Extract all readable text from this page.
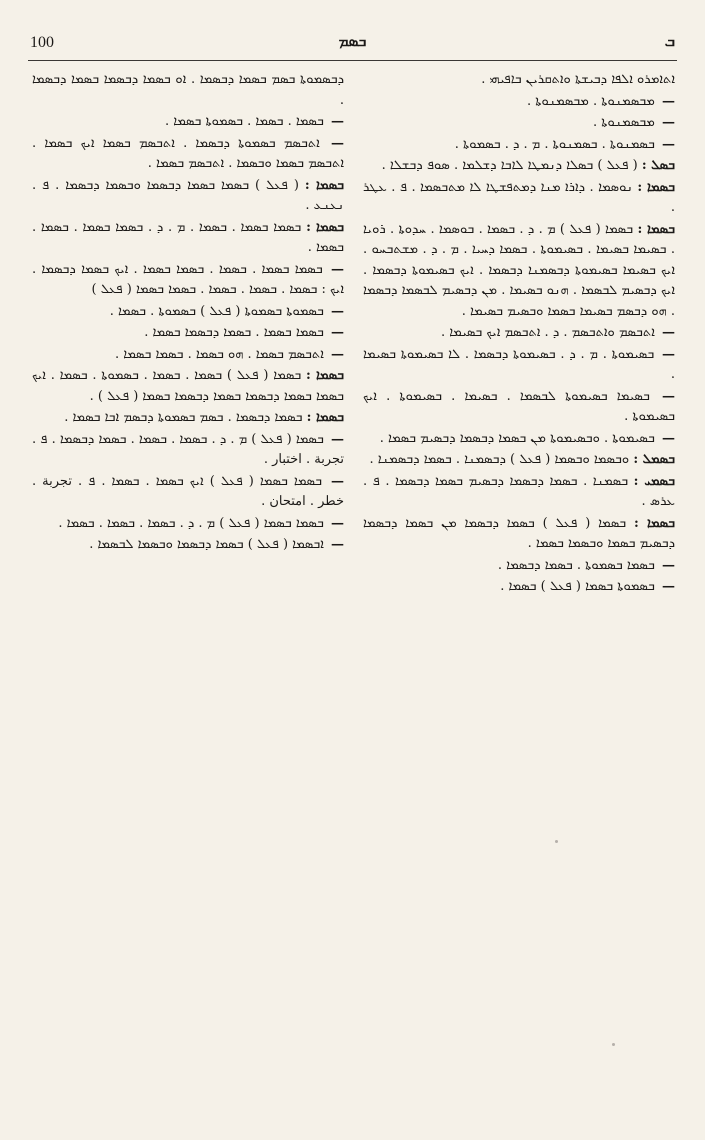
100	ܒܣܡ	ܒ

ܐܬܐܡܪܘ ܐܠܦܐ ܕܒܝܫܬܐ ܘܐܬܩܪܝܢ ܒܐܦܝܗܝ .

— ܡܒܣܡܢܘܬܐ . ܡܒܣܡܢܘܬܐ .

— ܡܒܣܡܢܘܬܐ .

— ܒܣܡܢܘܬܐ . ܒܣܡܢܘܬܐ . ܡ . ܕ . ܒܣܡܘܬܐ .

ܒܣܠ : ( ܦܥܠ ) ܒܣܠܐ ܕܢܡܛܐ ܠܐܒܐ ܕܫܠܡܐ . ܣܘܦ ܕܒܫܠܐ .

ܒܣܡܐ : ܢܘܣܡܐ . ܕܐܪܐ ܡܢܐ ܕܡܬܦܫܛܐ ܠܐ ܡܬܒܣܡܐ . ܦ . ܥܛܪ .

ܒܣܡܐ : ܒܣܡܐ ( ܦܥܠ ) ܡ . ܕ . ܒܣܡܐ . ܒܘܣܡܐ . ܚܕܘܬܐ . ܪܘܝܐ . ܒܣܝܡܐ ܒܣܝܡܐ . ܒܣܝܡܘܬܐ . ܒܣܡܐ ܕܚܝܐ . ܡ . ܕ . ܡܫܬܒܚܘ . ܐܝܟ ܒܣܝܡܐ ܒܣܝܡܘܬܐ ܕܒܣܡܢܐ ܕܒܣܡܐ . ܐܝܟ ܒܣܝܡܘܬܐ ܕܒܣܡܐ . ܐܝܟ ܕܒܣܝܡ ܠܒܣܡܐ . ܗܢܘ ܒܣܝܡܐ . ܡܢ ܕܒܣܝܡ ܠܒܣܡܐ ܕܒܣܡܐ . ܗܘ ܕܒܣܡ ܒܣܝܡܐ ܒܣܡܐ ܘܒܣܝܡ ܒܣܝܡܐ .

— ܐܬܒܣܡ ܘܐܬܒܣܡ . ܕ . ܐܬܒܣܡ ܐܝܟ ܒܣܝܡܐ .

— ܒܣܝܡܘܬܐ . ܡ . ܕ . ܒܣܝܡܘܬܐ ܕܒܣܡܐ . ܠܐ ܒܣܝܡܘܬܐ ܒܣܝܡܐ .

— ܒܣܝܡܐ ܒܣܝܡܘܬܐ ܠܒܣܡܐ . ܒܣܝܡܐ . ܒܣܝܡܘܬܐ . ܐܝܟ ܒܣܝܡܘܬܐ .

— ܒܣܝܡܘܬܐ . ܘܒܣܝܡܘܬܐ ܡܢ ܒܣܡܐ ܕܒܣܡܐ ܕܒܣܝܡ ܒܣܡܐ .

ܒܣܡܠ : ܘܒܣܡܐ ܘܒܣܡܐ ( ܦܥܠ ) ܕܒܣܡܢܐ . ܒܣܡܐ ܕܒܣܡܢܐ .

ܒܣܡܝ : ܒܣܡܢܐ . ܒܣܡܐ ܕܒܣܡܐ ܕܒܣܝܡ ܒܣܡܐ ܕܒܣܡܐ . ܦ . ܥܪܣ .

ܒܣܡܐ : ܒܣܡܐ ( ܦܥܠ ) ܒܣܡܐ ܕܒܣܡܐ ܡܢ ܒܣܡܐ ܕܒܣܡܐ ܕܒܣܝܡ ܒܣܡܐ ܘܒܣܡܐ ܒܣܡܐ .

— ܒܣܡܐ ܒܣܡܘܬܐ . ܒܣܡܐ ܕܒܣܡܐ .

— ܒܣܡܘܬܐ ܒܣܡܐ ( ܦܥܠ ) ܒܣܡܐ .

ܕܒܣܡܘܬܐ ܒܣܡ ܒܣܡܐ ܕܒܣܡܐ . ܐܘ ܒܣܡܐ ܕܒܣܡܐ ܒܣܡܐ ܕܒܣܡܐ .

— ܒܣܡܐ . ܒܣܡܐ . ܒܣܡܘܬܐ ܒܣܡܐ .

— ܐܬܒܣܡ ܒܣܡܘܬܐ ܕܒܣܡܐ . ܐܬܒܣܡ ܒܣܡܐ ܐܝܟ ܒܣܡܐ . ܐܬܒܣܡ ܒܣܡܐ ܘܒܣܡܐ . ܐܬܒܣܡ ܒܣܡܐ .

ܒܣܡܐ : ( ܦܥܠ ) ܒܣܡܐ ܒܣܡܐ ܕܒܣܡܐ ܘܒܣܡܐ ܕܒܣܡܐ . ܦ . ܢܥܢܥ .

ܒܣܡܐ : ܒܣܡܐ ܒܣܡܐ . ܒܣܡܐ . ܡ . ܕ . ܒܣܡܐ ܒܣܡܐ . ܒܣܡܐ . ܒܣܡܐ .

— ܒܣܡܐ ܒܣܡܐ . ܒܣܡܐ . ܒܣܡܐ ܒܣܡܐ . ܐܝܟ ܒܣܡܐ ܕܒܣܡܐ . ܐܝܟ : ܒܣܡܐ . ܒܣܡܐ . ܒܣܡܐ . ܒܣܡܐ ܒܣܡܐ ( ܦܥܠ )

— ܒܣܡܘܬܐ ܒܣܡܘܬܐ ( ܦܥܠ ) ܒܣܡܘܬܐ . ܒܣܡܐ .

— ܒܣܡܐ ܒܣܡܐ . ܒܣܡܐ ܕܒܣܡܐ ܒܣܡܐ .

— ܐܬܒܣܡ ܒܣܡܐ . ܗܘ ܒܣܡܐ . ܒܣܡܐ ܒܣܡܐ .

ܒܣܡܐ : ܒܣܡܐ ( ܦܥܠ ) ܒܣܡܐ . ܒܣܡܐ . ܒܣܡܘܬܐ . ܒܣܡܐ . ܐܝܟ ܒܣܡܐ ܒܣܡܐ ܕܒܣܡܐ ܒܣܡܐ ܕܒܣܡܐ ܒܣܡܐ ( ܦܥܠ ) .

ܒܣܡܐ : ܒܣܡܐ ܕܒܣܡܐ . ܒܣܡ ܒܣܡܘܬܐ ܕܒܣܡ ܐܒܐ ܒܣܡܐ .

— ܒܣܡܐ ( ܦܥܠ ) ܡ . ܕ . ܒܣܡܐ . ܒܣܡܐ . ܒܣܡܐ ܕܒܣܡܐ . ܦ . تجربة . اختبار .

— ܒܣܡܐ ܒܣܡܐ ( ܦܥܠ ) ܐܝܟ ܒܣܡܐ . ܒܣܡܐ . ܦ . تجربة . خطر . امتحان .

— ܒܣܡܐ ܒܣܡܐ ( ܦܥܠ ) ܡ . ܕ . ܒܣܡܐ . ܒܣܡܐ . ܒܣܡܐ .

— ܐܒܣܡܐ ( ܦܥܠ ) ܒܣܡܐ ܕܒܣܡܐ ܘܒܣܡܐ ܠܒܣܡܐ .
